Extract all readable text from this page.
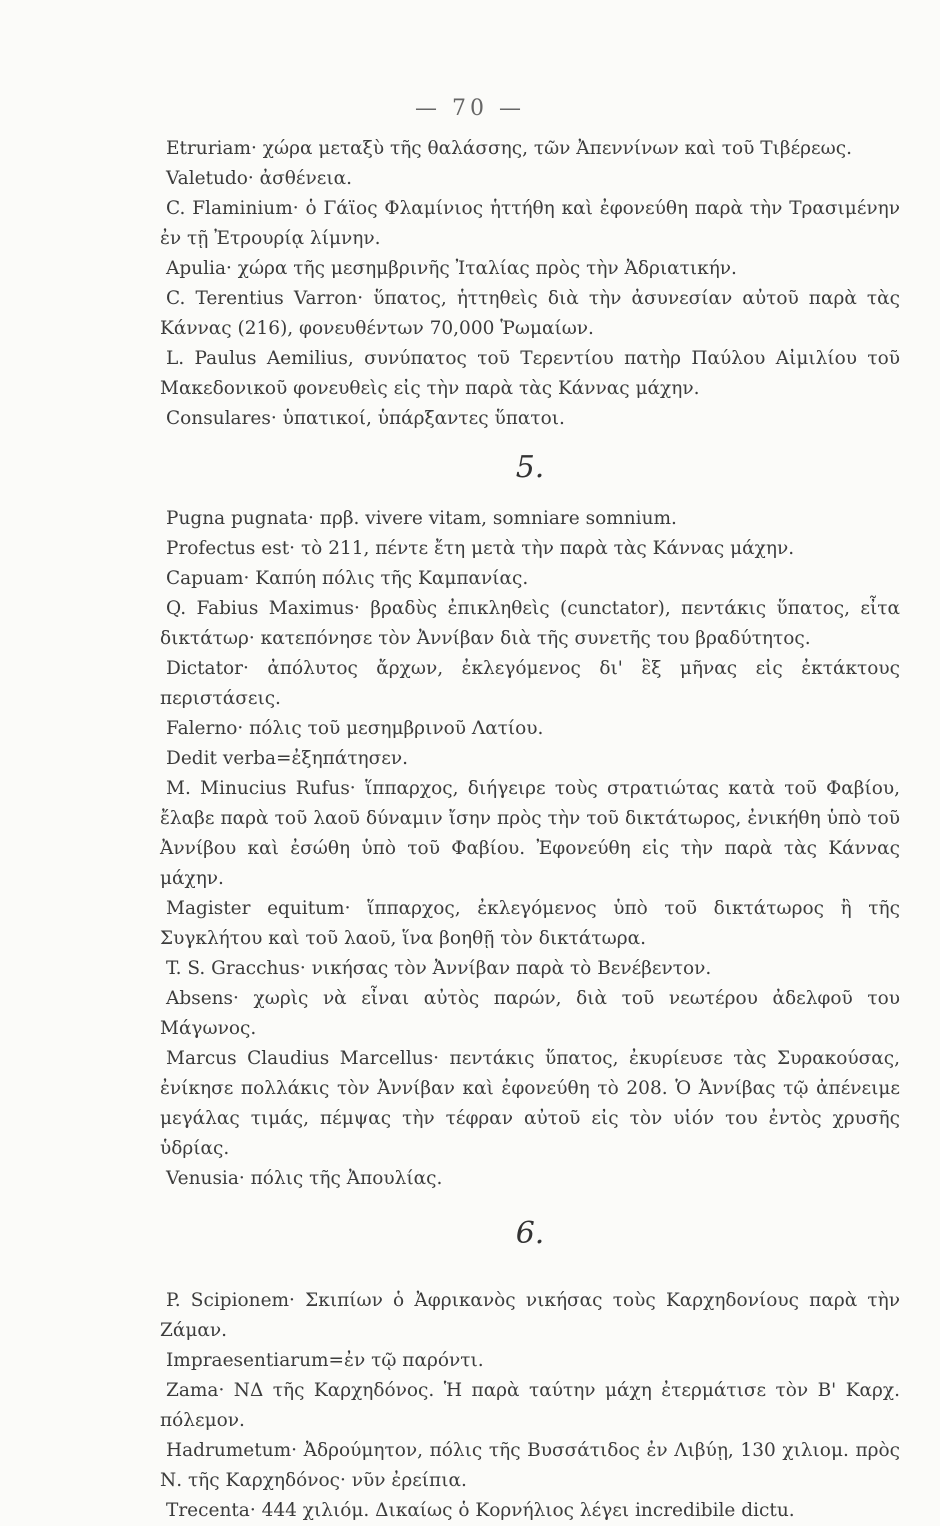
— 70 —

Etruriam· χώρα μεταξὺ τῆς θαλάσσης, τῶν Ἀπεννίνων καὶ τοῦ Τιβέρεως.

Valetudo· ἀσθένεια.

C. Flaminium· ὁ Γάϊος Φλαμίνιος ἡττήθη καὶ ἐφονεύθη παρὰ τὴν Τρασιμένην ἐν τῇ Ἐτρουρίᾳ λίμνην.

Apulia· χώρα τῆς μεσημβρινῆς Ἰταλίας πρὸς τὴν Ἀδριατικήν.

C. Terentius Varron· ὕπατος, ἡττηθεὶς διὰ τὴν ἀσυνεσίαν αὐτοῦ παρὰ τὰς Κάννας (216), φονευθέντων 70,000 Ῥωμαίων.

L. Paulus Aemilius, συνύπατος τοῦ Τερεντίου πατὴρ Παύλου Αἰμιλίου τοῦ Μακεδονικοῦ φονευθεὶς εἰς τὴν παρὰ τὰς Κάννας μάχην.

Consulares· ὑπατικοί, ὑπάρξαντες ὕπατοι.

5.

Pugna pugnata· πρβ. vivere vitam, somniare somnium.

Profectus est· τὸ 211, πέντε ἔτη μετὰ τὴν παρὰ τὰς Κάννας μάχην.

Capuam· Καπύη πόλις τῆς Καμπανίας.

Q. Fabius Maximus· βραδὺς ἐπικληθεὶς (cunctator), πεντάκις ὕπατος, εἶτα δικτάτωρ· κατεπόνησε τὸν Ἀννίβαν διὰ τῆς συνετῆς του βραδύτητος.

Dictator· ἀπόλυτος ἄρχων, ἐκλεγόμενος δι' ἓξ μῆνας εἰς ἐκτάκτους περιστάσεις.

Falerno· πόλις τοῦ μεσημβρινοῦ Λατίου.

Dedit verba=ἐξηπάτησεν.

M. Minucius Rufus· ἵππαρχος, διήγειρε τοὺς στρατιώτας κατὰ τοῦ Φαβίου, ἔλαβε παρὰ τοῦ λαοῦ δύναμιν ἴσην πρὸς τὴν τοῦ δικτάτωρος, ἐνικήθη ὑπὸ τοῦ Ἀννίβου καὶ ἐσώθη ὑπὸ τοῦ Φαβίου. Ἐφονεύθη εἰς τὴν παρὰ τὰς Κάννας μάχην.

Magister equitum· ἵππαρχος, ἐκλεγόμενος ὑπὸ τοῦ δικτάτωρος ἢ τῆς Συγκλήτου καὶ τοῦ λαοῦ, ἵνα βοηθῇ τὸν δικτάτωρα.

T. S. Gracchus· νικήσας τὸν Ἀννίβαν παρὰ τὸ Βενέβεντον.

Absens· χωρὶς νὰ εἶναι αὐτὸς παρών, διὰ τοῦ νεωτέρου ἀδελφοῦ του Μάγωνος.

Marcus Claudius Marcellus· πεντάκις ὕπατος, ἐκυρίευσε τὰς Συρακούσας, ἐνίκησε πολλάκις τὸν Ἀννίβαν καὶ ἐφονεύθη τὸ 208. Ὁ Ἀννίβας τῷ ἀπένειμε μεγάλας τιμάς, πέμψας τὴν τέφραν αὐτοῦ εἰς τὸν υἱόν του ἐντὸς χρυσῆς ὑδρίας.

Venusia· πόλις τῆς Ἀπουλίας.

6.

P. Scipionem· Σκιπίων ὁ Ἀφρικανὸς νικήσας τοὺς Καρχηδονίους παρὰ τὴν Ζάμαν.

Impraesentiarum=ἐν τῷ παρόντι.

Zama· ΝΔ τῆς Καρχηδόνος. Ἡ παρὰ ταύτην μάχη ἐτερμάτισε τὸν Β' Καρχ. πόλεμον.

Hadrumetum· Ἀδρούμητον, πόλις τῆς Βυσσάτιδος ἐν Λιβύῃ, 130 χιλιομ. πρὸς Ν. τῆς Καρχηδόνος· νῦν ἐρείπια.

Trecenta· 444 χιλιόμ. Δικαίως ὁ Κορνήλιος λέγει incredibile dictu.
